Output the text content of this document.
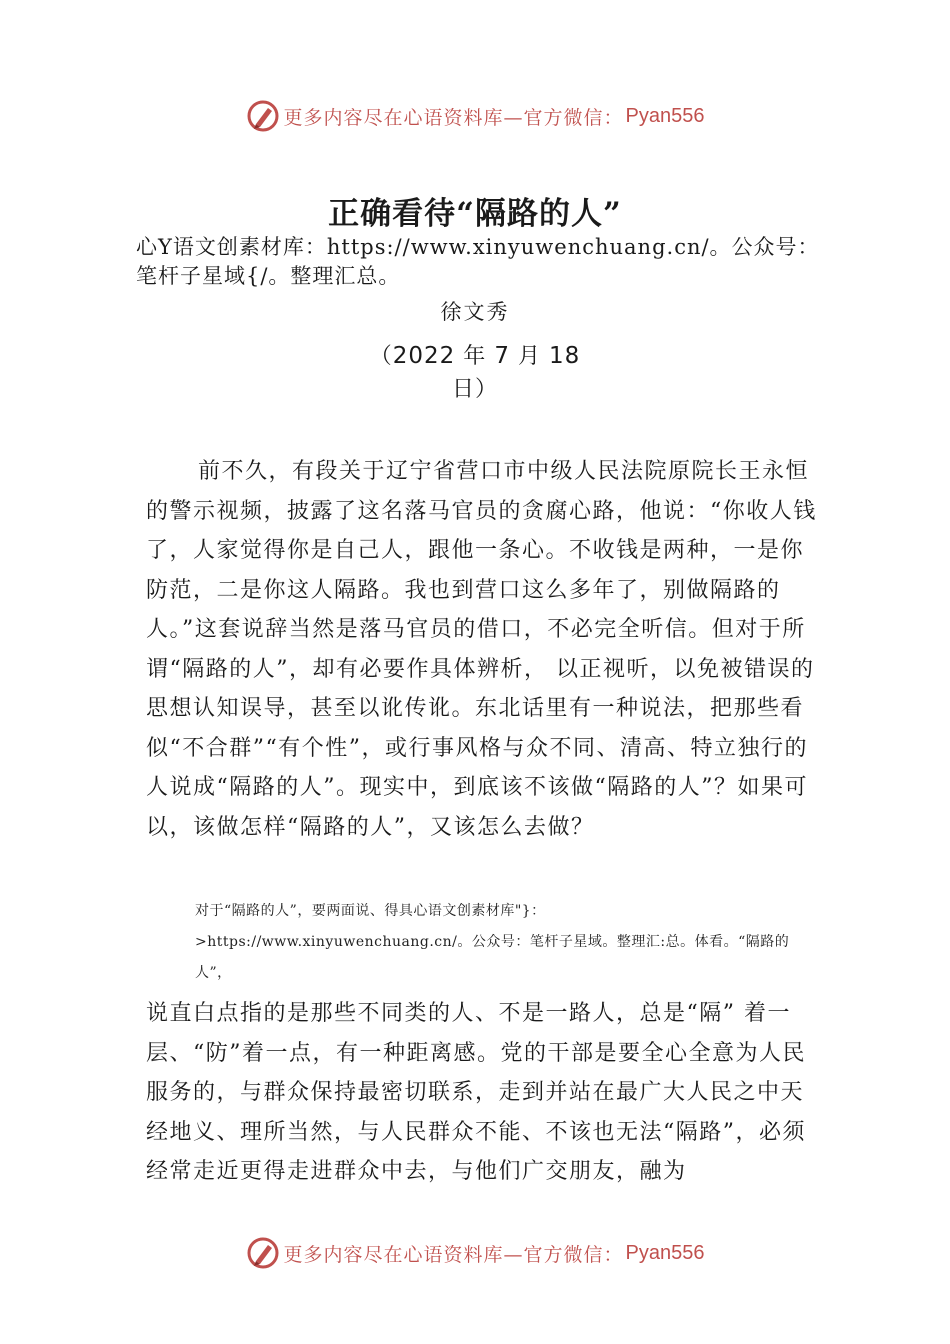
更多内容尽在心语资料库—官方微信： Pyan556
正确看待“隔路的人”
心Y语文创素材库：https://www.xinyuwenchuang.cn/。公众号：笔杆子星域{/。整理汇总。
徐文秀
（2022 年 7 月 18
日）

前不久，有段关于辽宁省营口市中级人民法院原院长王永恒的警示视频，披露了这名落马官员的贪腐心路，他说：“你收人钱了，人家觉得你是自己人，跟他一条心。不收钱是两种，一是你防范，二是你这人隔路。我也到营口这么多年了，别做隔路的人。”这套说辞当然是落马官员的借口，不必完全听信。但对于所谓“隔路的人”，却有必要作具体辨析， 以正视听，以免被错误的思想认知误导，甚至以讹传讹。东北话里有一种说法，把那些看似“不合群”“有个性”，或行事风格与众不同、清高、特立独行的人说成“隔路的人”。现实中，到底该不该做“隔路的人”？如果可以，该做怎样“隔路的人”，又该怎么去做？

对于“隔路的人”，要两面说、得具心语文创素材库"}：>https://www.xinyuwenchuang.cn/。公众号：笔杆子星域。整理汇:总。体看。“隔路的人”，

说直白点指的是那些不同类的人、不是一路人，总是“隔” 着一层、“防”着一点，有一种距离感。党的干部是要全心全意为人民服务的，与群众保持最密切联系，走到并站在最广大人民之中天经地义、理所当然，与人民群众不能、不该也无法“隔路”，必须经常走近更得走进群众中去，与他们广交朋友，融为

更多内容尽在心语资料库—官方微信： Pyan556
